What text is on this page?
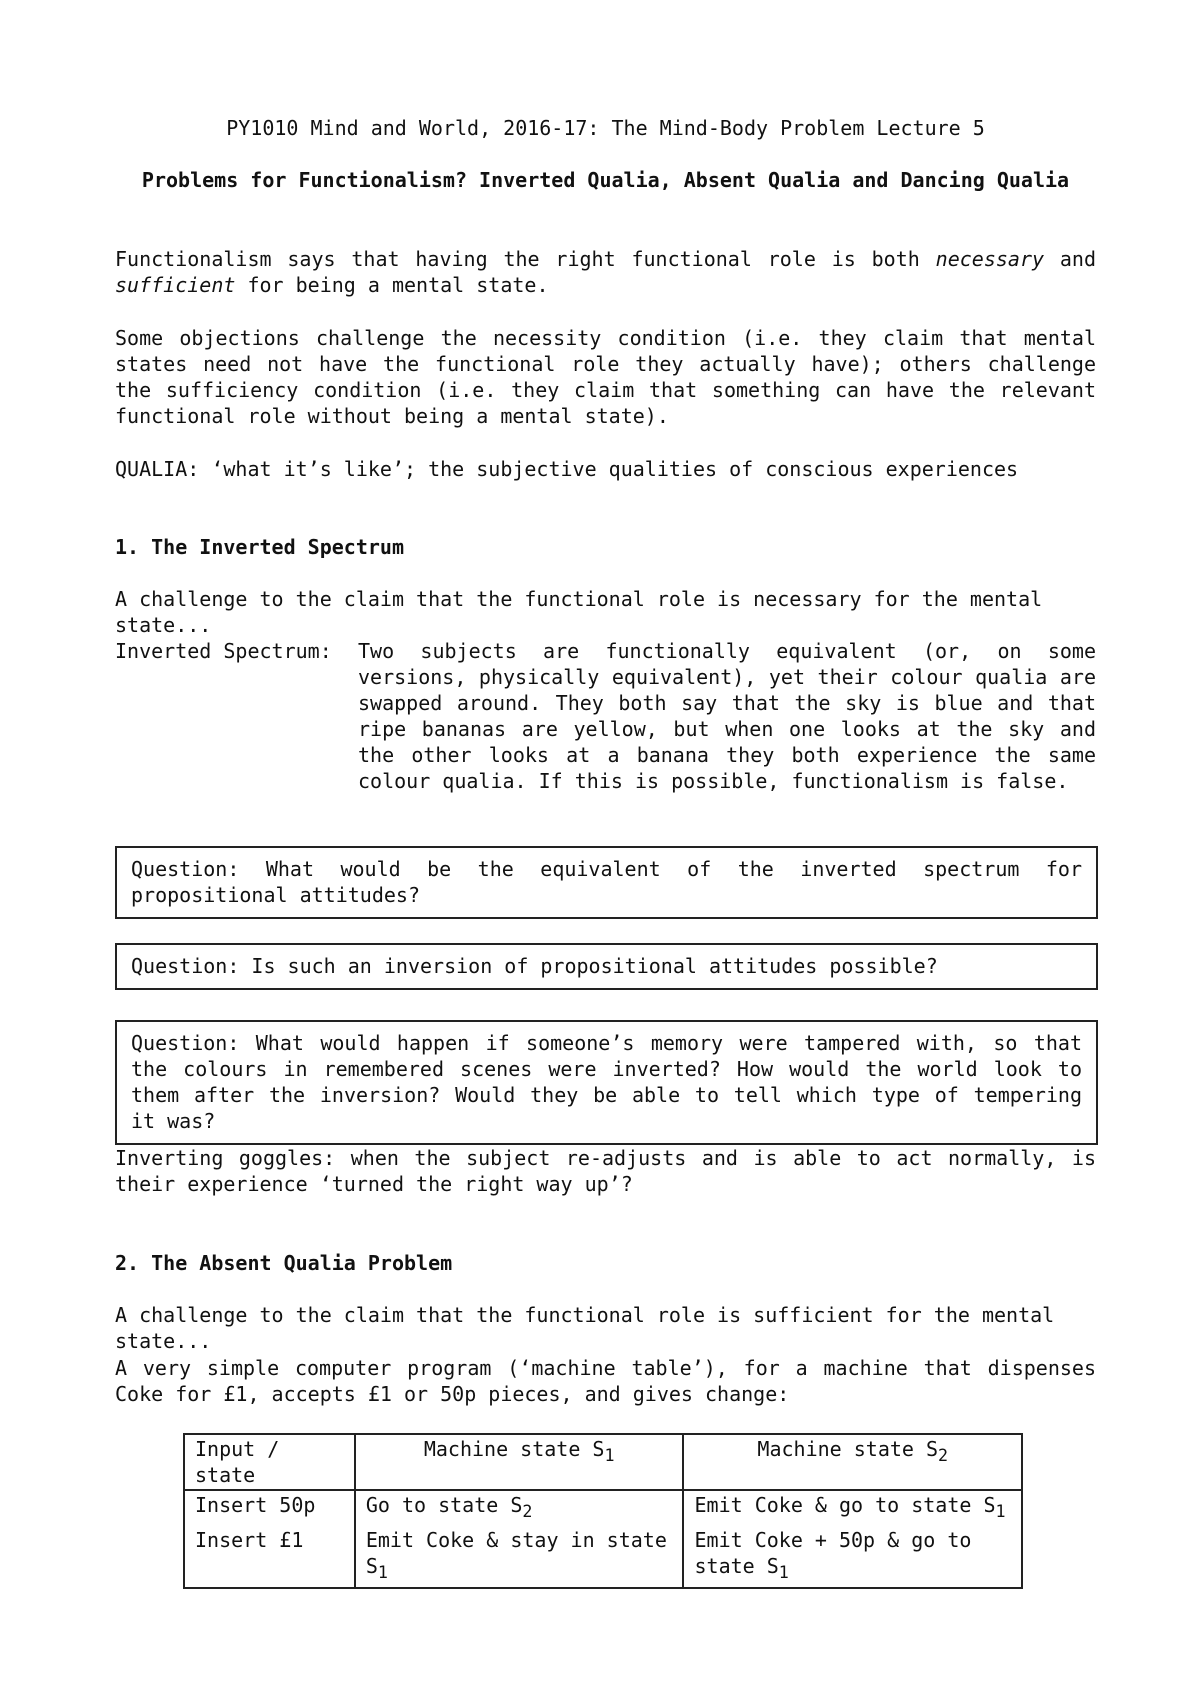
PY1010 Mind and World, 2016-17: The Mind-Body Problem Lecture 5

Problems for Functionalism? Inverted Qualia, Absent Qualia and Dancing Qualia

Functionalism says that having the right functional role is both necessary and sufficient for being a mental state.

Some objections challenge the necessity condition (i.e. they claim that mental states need not have the functional role they actually have); others challenge the sufficiency condition (i.e. they claim that something can have the relevant functional role without being a mental state).

QUALIA: ‘what it’s like’; the subjective qualities of conscious experiences

1. The Inverted Spectrum

A challenge to the claim that the functional role is necessary for the mental state...

Inverted Spectrum:	Two subjects are functionally equivalent (or, on some versions, physically equivalent), yet their colour qualia are swapped around. They both say that the sky is blue and that ripe bananas are yellow, but when one looks at the sky and the other looks at a banana they both experience the same colour qualia. If this is possible, functionalism is false.
Question: What would be the equivalent of the inverted spectrum for propositional attitudes?
Question: Is such an inversion of propositional attitudes possible?
Question: What would happen if someone’s memory were tampered with, so that the colours in remembered scenes were inverted? How would the world look to them after the inversion? Would they be able to tell which type of tempering it was?

Inverting goggles: when the subject re-adjusts and is able to act normally, is their experience ‘turned the right way up’?

2. The Absent Qualia Problem

A challenge to the claim that the functional role is sufficient for the mental state...

A very simple computer program (‘machine table’), for a machine that dispenses Coke for £1, accepts £1 or 50p pieces, and gives change:

Input / state	Machine state $S_1$	Machine state $S_2$
Insert 50p	Go to state $S_2$	Emit Coke & go to state $S_1$
Insert £1	Emit Coke & stay in state $S_1$	Emit Coke + 50p & go to state $S_1$
